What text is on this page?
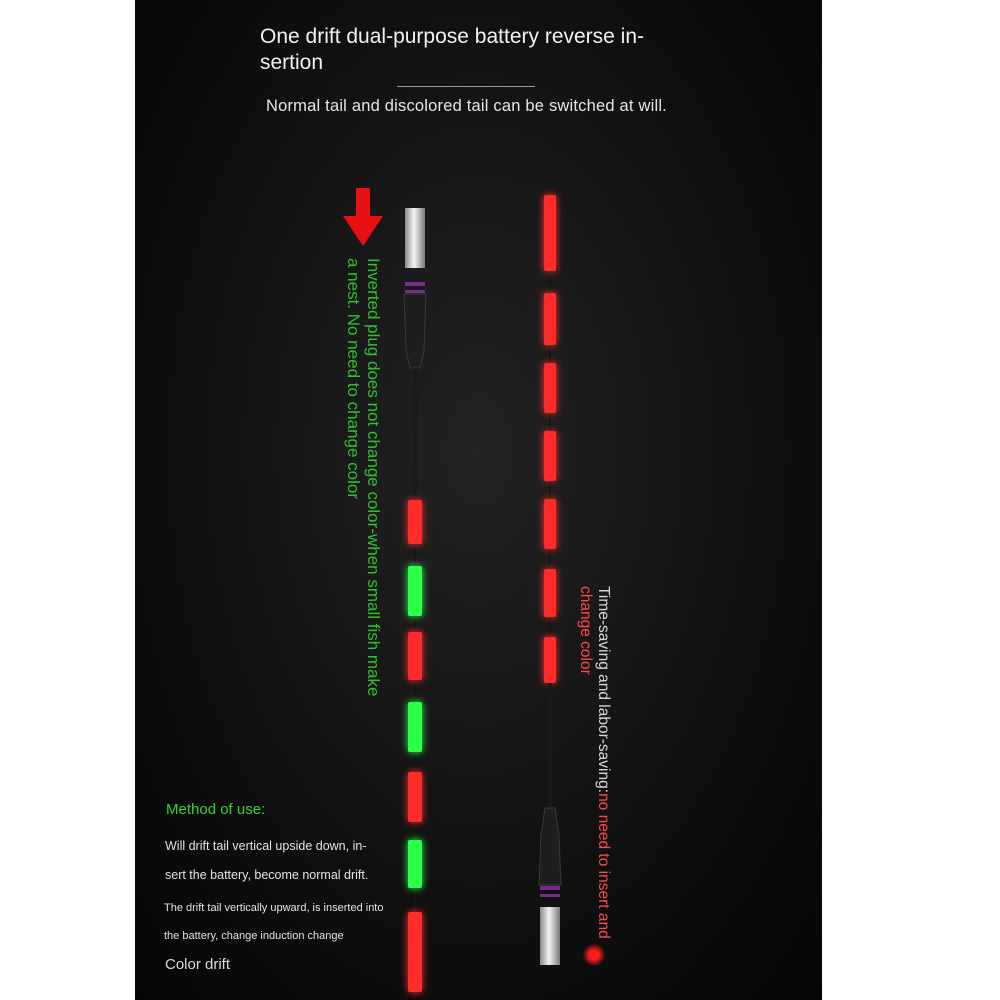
One drift dual-purpose battery reverse in-sertion
Normal tail and discolored tail can be switched at will.
Inverted plug does not change color-when small fish make a nest. No need to change color
Time-saving and labor-saving:no need to insert and change color
Method of use:
Will drift tail vertical upside down, in-sert the battery, become normal drift.
The drift tail vertically upward, is inserted into the battery, change induction change
Color drift
